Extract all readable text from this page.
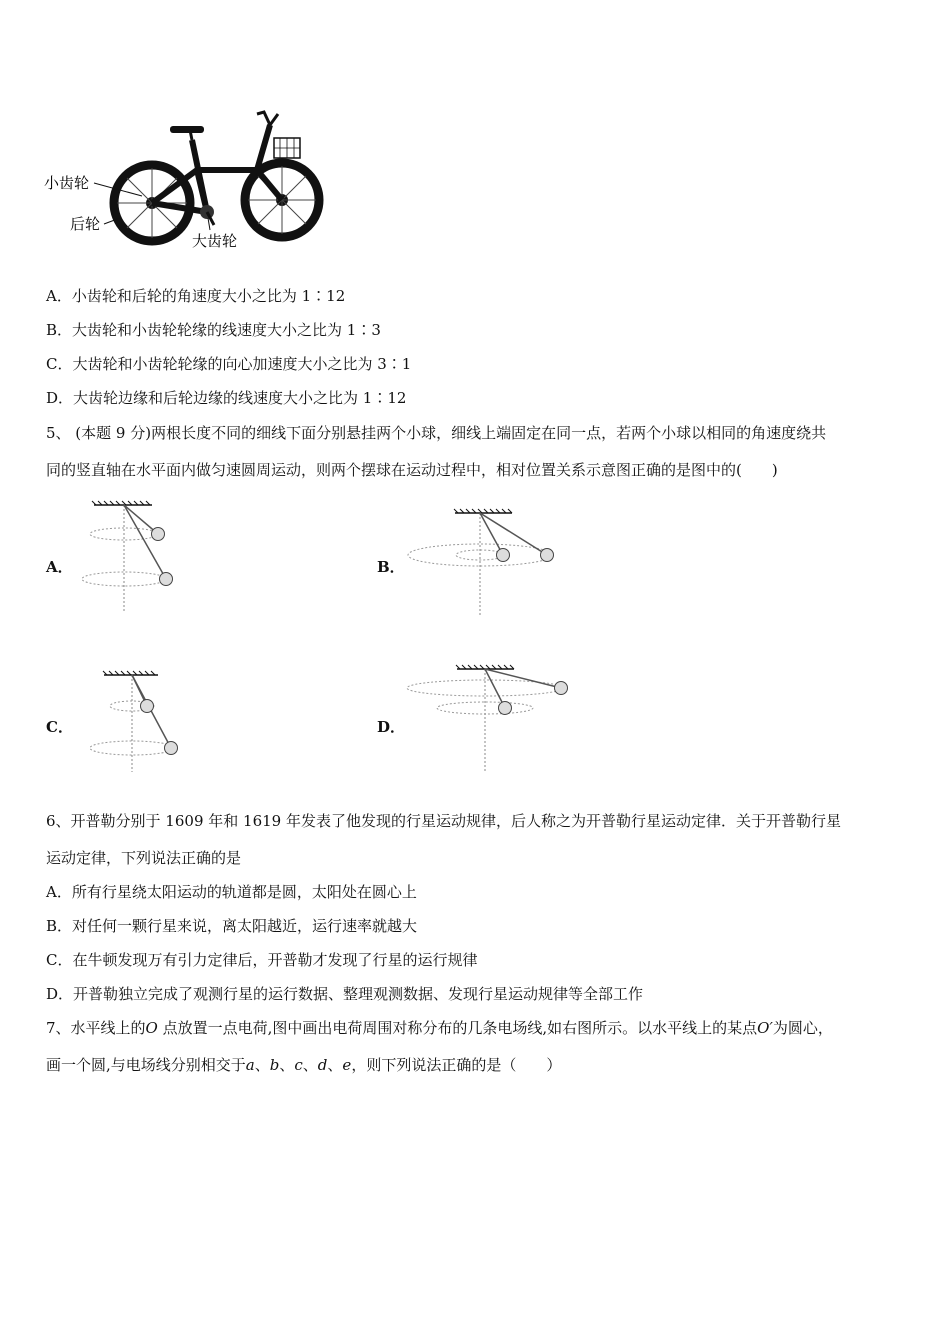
小齿轮
后轮
大齿轮
A．小齿轮和后轮的角速度大小之比为 1∶12
B．大齿轮和小齿轮轮缘的线速度大小之比为 1∶3
C．大齿轮和小齿轮轮缘的向心加速度大小之比为 3∶1
D．大齿轮边缘和后轮边缘的线速度大小之比为 1∶12
5、 (本题 9 分)两根长度不同的细线下面分别悬挂两个小球，细线上端固定在同一点，若两个小球以相同的角速度绕共
同的竖直轴在水平面内做匀速圆周运动，则两个摆球在运动过程中，相对位置关系示意图正确的是图中的(　　)
A．	B．
C．	D．
6、开普勒分别于 1609 年和 1619 年发表了他发现的行星运动规律，后人称之为开普勒行星运动定律．关于开普勒行星
运动定律，下列说法正确的是
A．所有行星绕太阳运动的轨道都是圆，太阳处在圆心上
B．对任何一颗行星来说，离太阳越近，运行速率就越大
C．在牛顿发现万有引力定律后，开普勒才发现了行星的运行规律
D．开普勒独立完成了观测行星的运行数据、整理观测数据、发现行星运动规律等全部工作
7、水平线上的O 点放置一点电荷,图中画出电荷周围对称分布的几条电场线,如右图所示。以水平线上的某点O′为圆心，
画一个圆,与电场线分别相交于a、b、c、d、e，则下列说法正确的是（　　）
